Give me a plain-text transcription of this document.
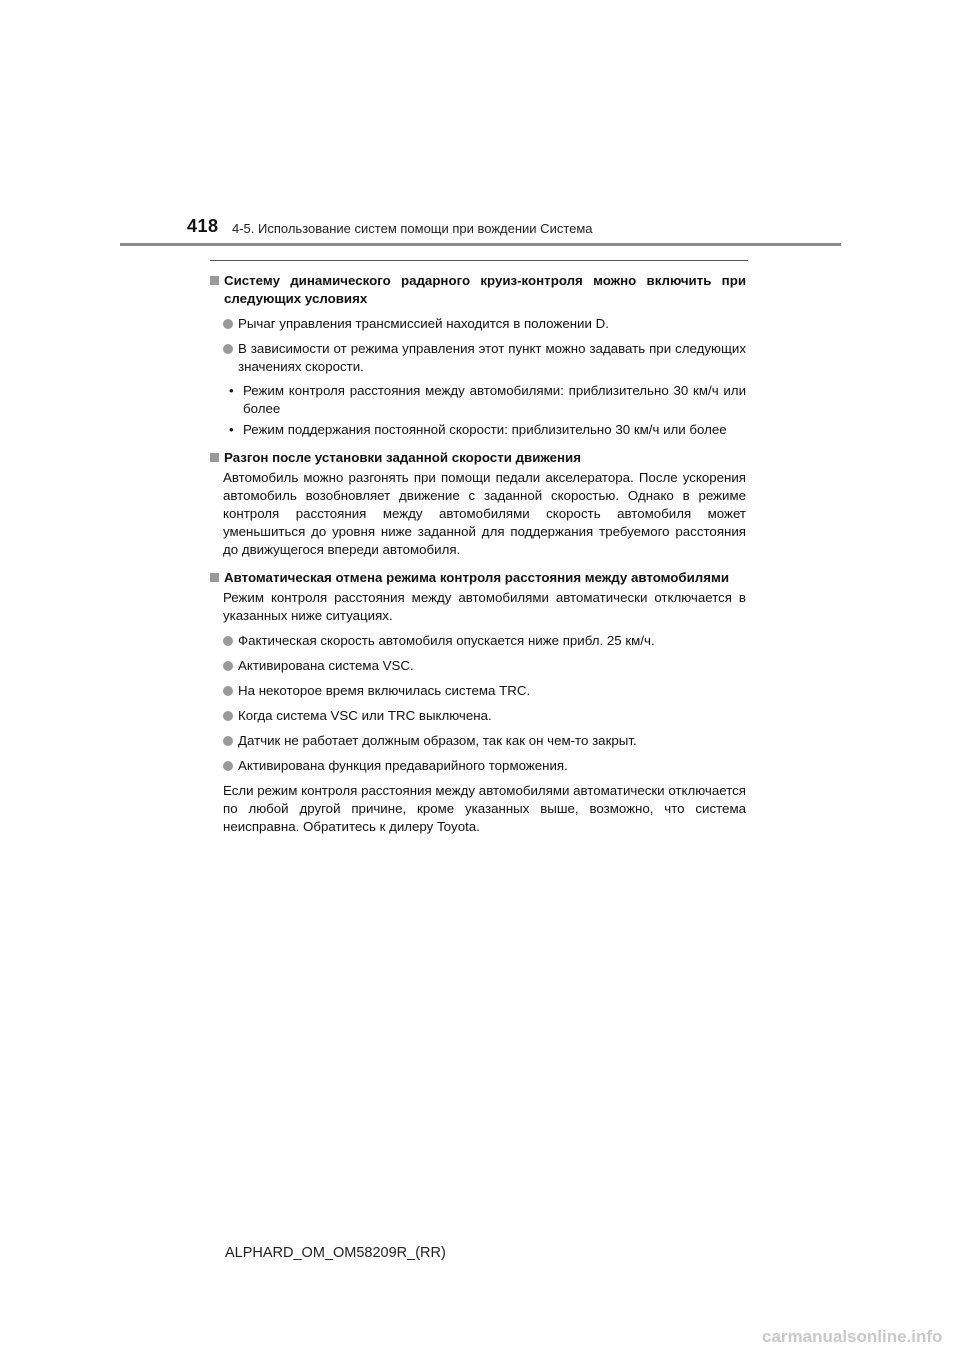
418 4-5. Использование систем помощи при вождении Система
Систему динамического радарного круиз-контроля можно включить при следующих условиях
Рычаг управления трансмиссией находится в положении D.
В зависимости от режима управления этот пункт можно задавать при следующих значениях скорости.
• Режим контроля расстояния между автомобилями: приблизительно 30 км/ч или более
• Режим поддержания постоянной скорости: приблизительно 30 км/ч или более
Разгон после установки заданной скорости движения

Автомобиль можно разгонять при помощи педали акселератора. После ускорения автомобиль возобновляет движение с заданной скоростью. Однако в режиме контроля расстояния между автомобилями скорость автомобиля может уменьшиться до уровня ниже заданной для поддержания требуемого расстояния до движущегося впереди автомобиля.

Автоматическая отмена режима контроля расстояния между автомобилями

Режим контроля расстояния между автомобилями автоматически отключается в указанных ниже ситуациях.

Фактическая скорость автомобиля опускается ниже прибл. 25 км/ч.
Активирована система VSC.
На некоторое время включилась система TRC.
Когда система VSC или TRC выключена.
Датчик не работает должным образом, так как он чем-то закрыт.
Активирована функция предаварийного торможения.

Если режим контроля расстояния между автомобилями автоматически отключается по любой другой причине, кроме указанных выше, возможно, что система неисправна. Обратитесь к дилеру Toyota.

ALPHARD_OM_OM58209R_(RR)
carmanualsonline.info
